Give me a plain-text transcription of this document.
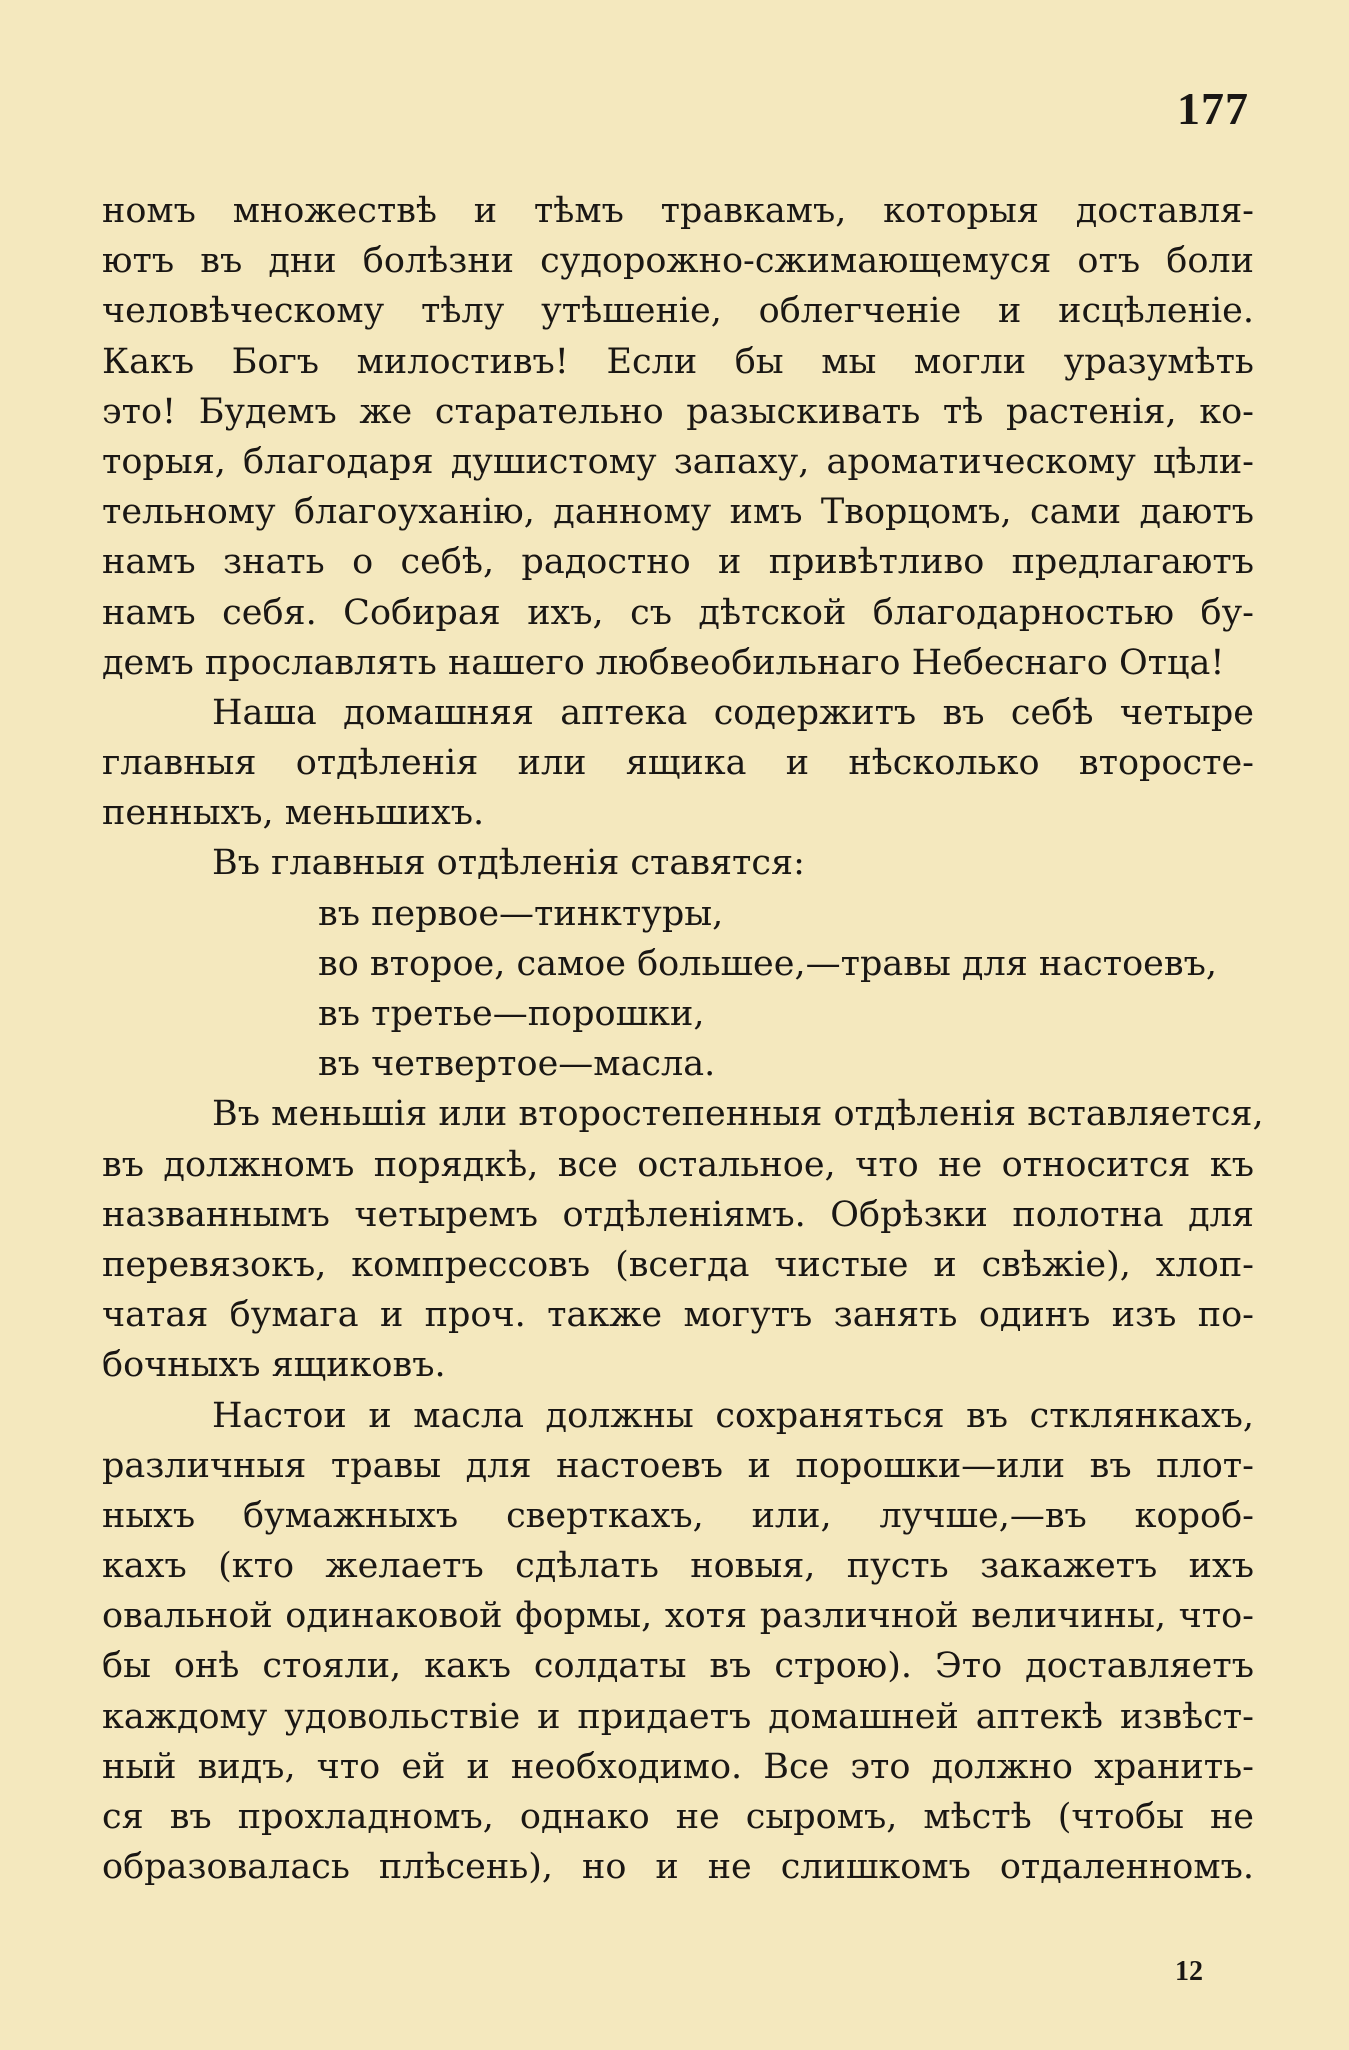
177
номъ множествѣ и тѣмъ травкамъ, которыя доставля-
ютъ въ дни болѣзни судорожно-сжимающемуся отъ боли
человѣческому тѣлу утѣшеніе, облегченіе и исцѣленіе.
Какъ Богъ милостивъ! Если бы мы могли уразумѣть
это! Будемъ же старательно разыскивать тѣ растенія, ко-
торыя, благодаря душистому запаху, ароматическому цѣли-
тельному благоуханію, данному имъ Творцомъ, сами даютъ
намъ знать о себѣ, радостно и привѣтливо предлагаютъ
намъ себя. Собирая ихъ, съ дѣтской благодарностью бу-
демъ прославлять нашего любвеобильнаго Небеснаго Отца!
Наша домашняя аптека содержитъ въ себѣ четыре
главныя отдѣленія или ящика и нѣсколько второсте-
пенныхъ, меньшихъ.
Въ главныя отдѣленія ставятся:
въ первое—тинктуры,
во второе, самое большее,—травы для настоевъ,
въ третье—порошки,
въ четвертое—масла.
Въ меньшія или второстепенныя отдѣленія вставляется,
въ должномъ порядкѣ, все остальное, что не относится къ
названнымъ четыремъ отдѣленіямъ. Обрѣзки полотна для
перевязокъ, компрессовъ (всегда чистые и свѣжіе), хлоп-
чатая бумага и проч. также могутъ занять одинъ изъ по-
бочныхъ ящиковъ.
Настои и масла должны сохраняться въ стклянкахъ,
различныя травы для настоевъ и порошки—или въ плот-
ныхъ бумажныхъ сверткахъ, или, лучше,—въ короб-
кахъ (кто желаетъ сдѣлать новыя, пусть закажетъ ихъ
овальной одинаковой формы, хотя различной величины, что-
бы онѣ стояли, какъ солдаты въ строю). Это доставляетъ
каждому удовольствіе и придаетъ домашней аптекѣ извѣст-
ный видъ, что ей и необходимо. Все это должно хранить-
ся въ прохладномъ, однако не сыромъ, мѣстѣ (чтобы не
образовалась плѣсень), но и не слишкомъ отдаленномъ.
12
